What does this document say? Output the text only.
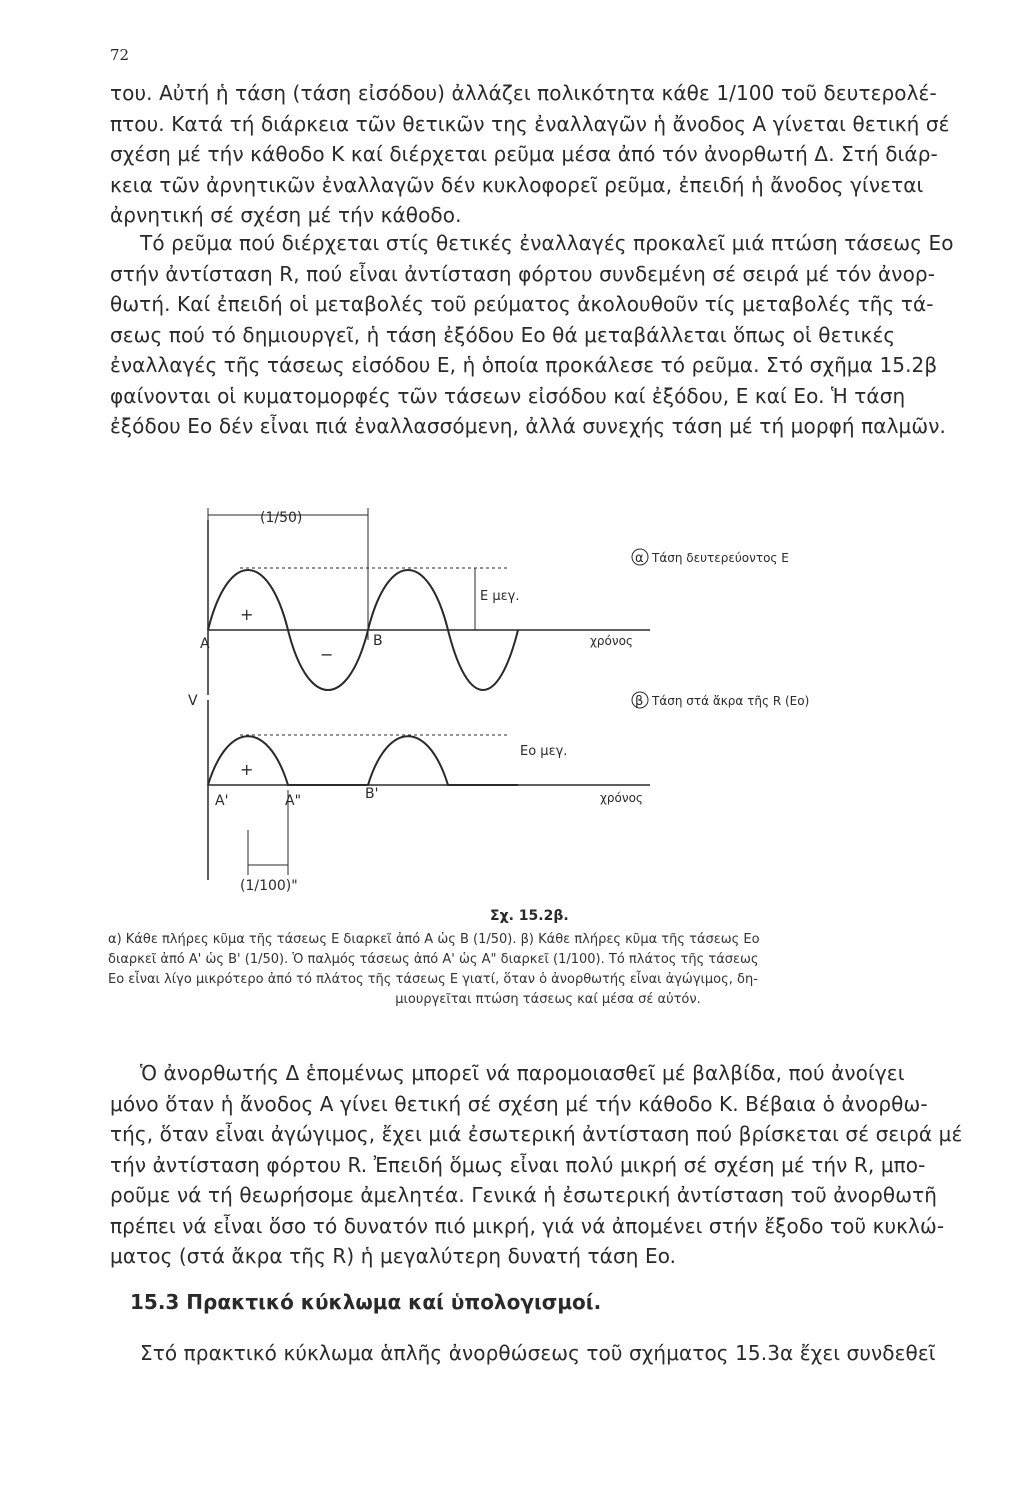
72
του. Αὐτή ἡ τάση (τάση εἰσόδου) ἀλλάζει πολικότητα κάθε 1/100 τοῦ δευτερολέ-
πτου. Κατά τή διάρκεια τῶν θετικῶν της ἐναλλαγῶν ἡ ἄνοδος Α γίνεται θετική σέ
σχέση μέ τήν κάθοδο Κ καί διέρχεται ρεῦμα μέσα ἀπό τόν ἀνορθωτή Δ. Στή διάρ-
κεια τῶν ἀρνητικῶν ἐναλλαγῶν δέν κυκλοφορεῖ ρεῦμα, ἐπειδή ἡ ἄνοδος γίνεται
ἀρνητική σέ σχέση μέ τήν κάθοδο.
Τό ρεῦμα πού διέρχεται στίς θετικές ἐναλλαγές προκαλεῖ μιά πτώση τάσεως Eo
στήν ἀντίσταση R, πού εἶναι ἀντίσταση φόρτου συνδεμένη σέ σειρά μέ τόν ἀνορ-
θωτή. Καί ἐπειδή οἱ μεταβολές τοῦ ρεύματος ἀκολουθοῦν τίς μεταβολές τῆς τά-
σεως πού τό δημιουργεῖ, ἡ τάση ἐξόδου Eo θά μεταβάλλεται ὅπως οἱ θετικές
ἐναλλαγές τῆς τάσεως εἰσόδου Ε, ἡ ὁποία προκάλεσε τό ρεῦμα. Στό σχῆμα 15.2β
φαίνονται οἱ κυματομορφές τῶν τάσεων εἰσόδου καί ἐξόδου, Ε καί Eo. Ἡ τάση
ἐξόδου Eo δέν εἶναι πιά ἐναλλασσόμενη, ἀλλά συνεχής τάση μέ τή μορφή παλμῶν.
(1/50)
Ε μεγ.
+
−
Α	Β	χρόνος
α Τάση δευτερεύοντος Ε
V
Eo μεγ.
+
Α'	Α"	Β'	χρόνος
β Τάση στά ἄκρα τῆς R (Eo)
(1/100)"
Σχ. 15.2β.
α) Κάθε πλήρες κῦμα τῆς τάσεως Ε διαρκεῖ ἀπό Α ὡς Β (1/50). β) Κάθε πλήρες κῦμα τῆς τάσεως Eo
διαρκεῖ ἀπό Α' ὡς Β' (1/50). Ὁ παλμός τάσεως ἀπό Α' ὡς Α" διαρκεῖ (1/100). Τό πλάτος τῆς τάσεως
Eo εἶναι λίγο μικρότερο ἀπό τό πλάτος τῆς τάσεως Ε γιατί, ὅταν ὁ ἀνορθωτής εἶναι ἀγώγιμος, δη-
μιουργεῖται πτώση τάσεως καί μέσα σέ αὐτόν.
Ὁ ἀνορθωτής Δ ἑπομένως μπορεῖ νά παρομοιασθεῖ μέ βαλβίδα, πού ἀνοίγει
μόνο ὅταν ἡ ἄνοδος Α γίνει θετική σέ σχέση μέ τήν κάθοδο Κ. Βέβαια ὁ ἀνορθω-
τής, ὅταν εἶναι ἀγώγιμος, ἔχει μιά ἐσωτερική ἀντίσταση πού βρίσκεται σέ σειρά μέ
τήν ἀντίσταση φόρτου R. Ἐπειδή ὅμως εἶναι πολύ μικρή σέ σχέση μέ τήν R, μπο-
ροῦμε νά τή θεωρήσομε ἀμελητέα. Γενικά ἡ ἐσωτερική ἀντίσταση τοῦ ἀνορθωτῆ
πρέπει νά εἶναι ὅσο τό δυνατόν πιό μικρή, γιά νά ἀπομένει στήν ἔξοδο τοῦ κυκλώ-
ματος (στά ἄκρα τῆς R) ἡ μεγαλύτερη δυνατή τάση Eo.
15.3 Πρακτικό κύκλωμα καί ὑπολογισμοί.
Στό πρακτικό κύκλωμα ἁπλῆς ἀνορθώσεως τοῦ σχήματος 15.3α ἔχει συνδεθεῖ
